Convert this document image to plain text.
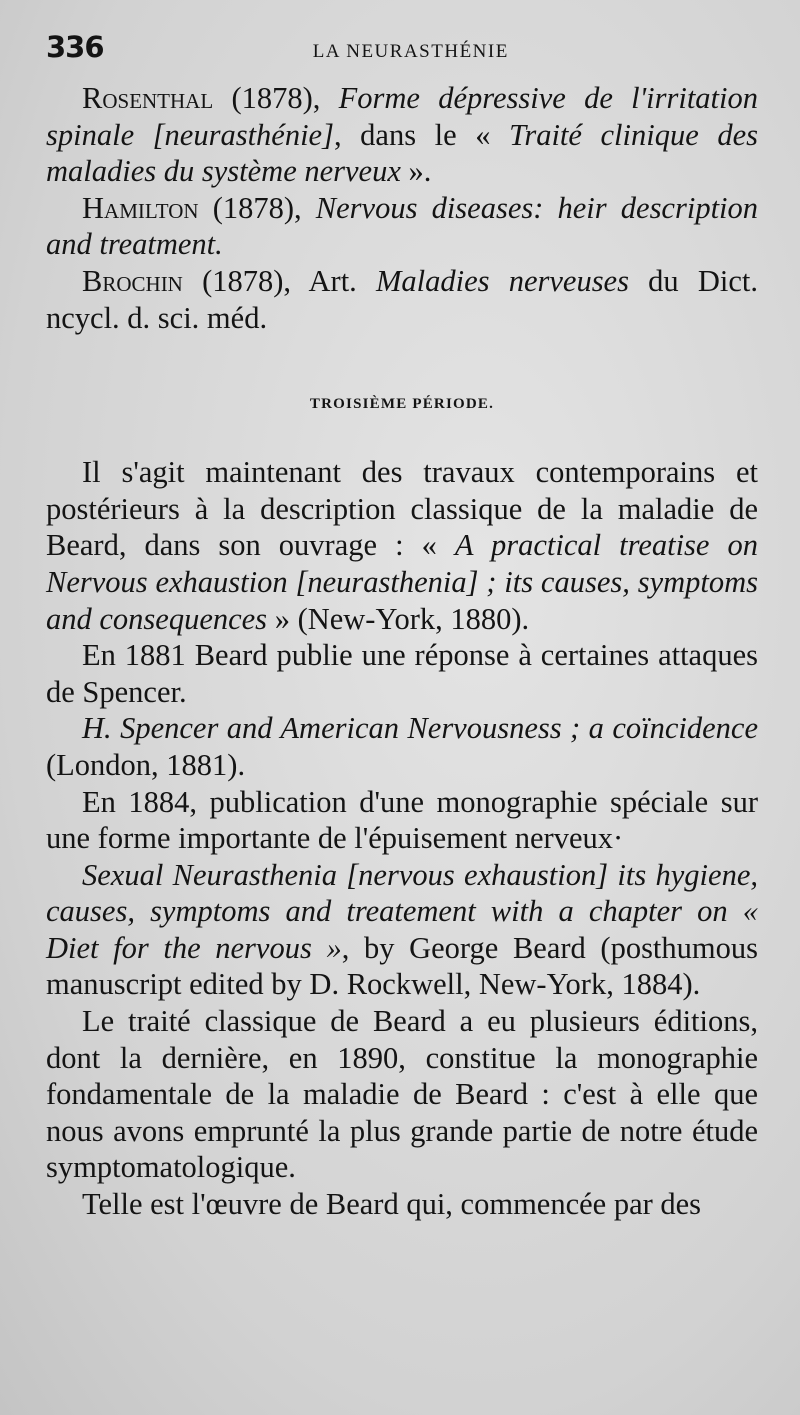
336	LA NEURASTHÉNIE

Rosenthal (1878), Forme dépressive de l'irritation spinale [neurasthénie], dans le « Traité clinique des maladies du système nerveux ».

Hamilton (1878), Nervous diseases: heir description and treatment.

Brochin (1878), Art. Maladies nerveuses du Dict. ncycl. d. sci. méd.

TROISIÈME PÉRIODE.

Il s'agit maintenant des travaux contemporains et postérieurs à la description classique de la maladie de Beard, dans son ouvrage : « A practical treatise on Nervous exhaustion [neurasthenia] ; its causes, symptoms and consequences » (New-York, 1880).

En 1881 Beard publie une réponse à certaines attaques de Spencer.

H. Spencer and American Nervousness ; a coïncidence (London, 1881).

En 1884, publication d'une monographie spéciale sur une forme importante de l'épuisement nerveux·

Sexual Neurasthenia [nervous exhaustion] its hygiene, causes, symptoms and treatement with a chapter on « Diet for the nervous », by George Beard (posthumous manuscript edited by D. Rockwell, New-York, 1884).

Le traité classique de Beard a eu plusieurs éditions, dont la dernière, en 1890, constitue la monographie fondamentale de la maladie de Beard : c'est à elle que nous avons emprunté la plus grande partie de notre étude symptomatologique.

Telle est l'œuvre de Beard qui, commencée par des
